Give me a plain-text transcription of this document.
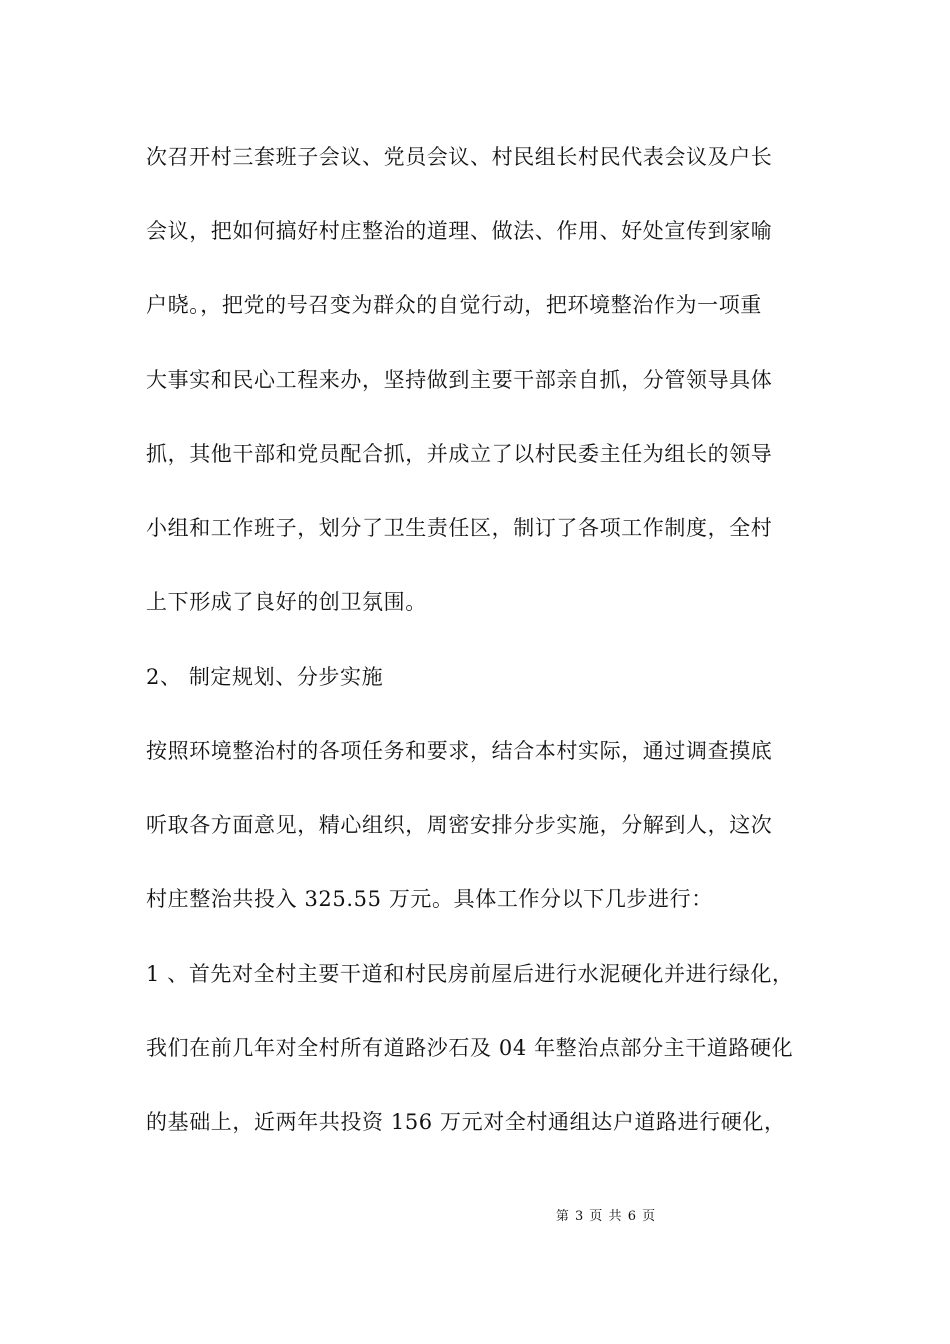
次召开村三套班子会议、党员会议、村民组长村民代表会议及户长
会议，把如何搞好村庄整治的道理、做法、作用、好处宣传到家喻
户晓。，把党的号召变为群众的自觉行动，把环境整治作为一项重
大事实和民心工程来办，坚持做到主要干部亲自抓，分管领导具体
抓，其他干部和党员配合抓，并成立了以村民委主任为组长的领导
小组和工作班子，划分了卫生责任区，制订了各项工作制度，全村
上下形成了良好的创卫氛围。
2、 制定规划、分步实施
按照环境整治村的各项任务和要求，结合本村实际，通过调查摸底
听取各方面意见，精心组织，周密安排分步实施，分解到人，这次
村庄整治共投入 325.55 万元。具体工作分以下几步进行：
1 、首先对全村主要干道和村民房前屋后进行水泥硬化并进行绿化，
我们在前几年对全村所有道路沙石及 04 年整治点部分主干道路硬化
的基础上，近两年共投资 156 万元对全村通组达户道路进行硬化，
第 3 页 共 6 页
